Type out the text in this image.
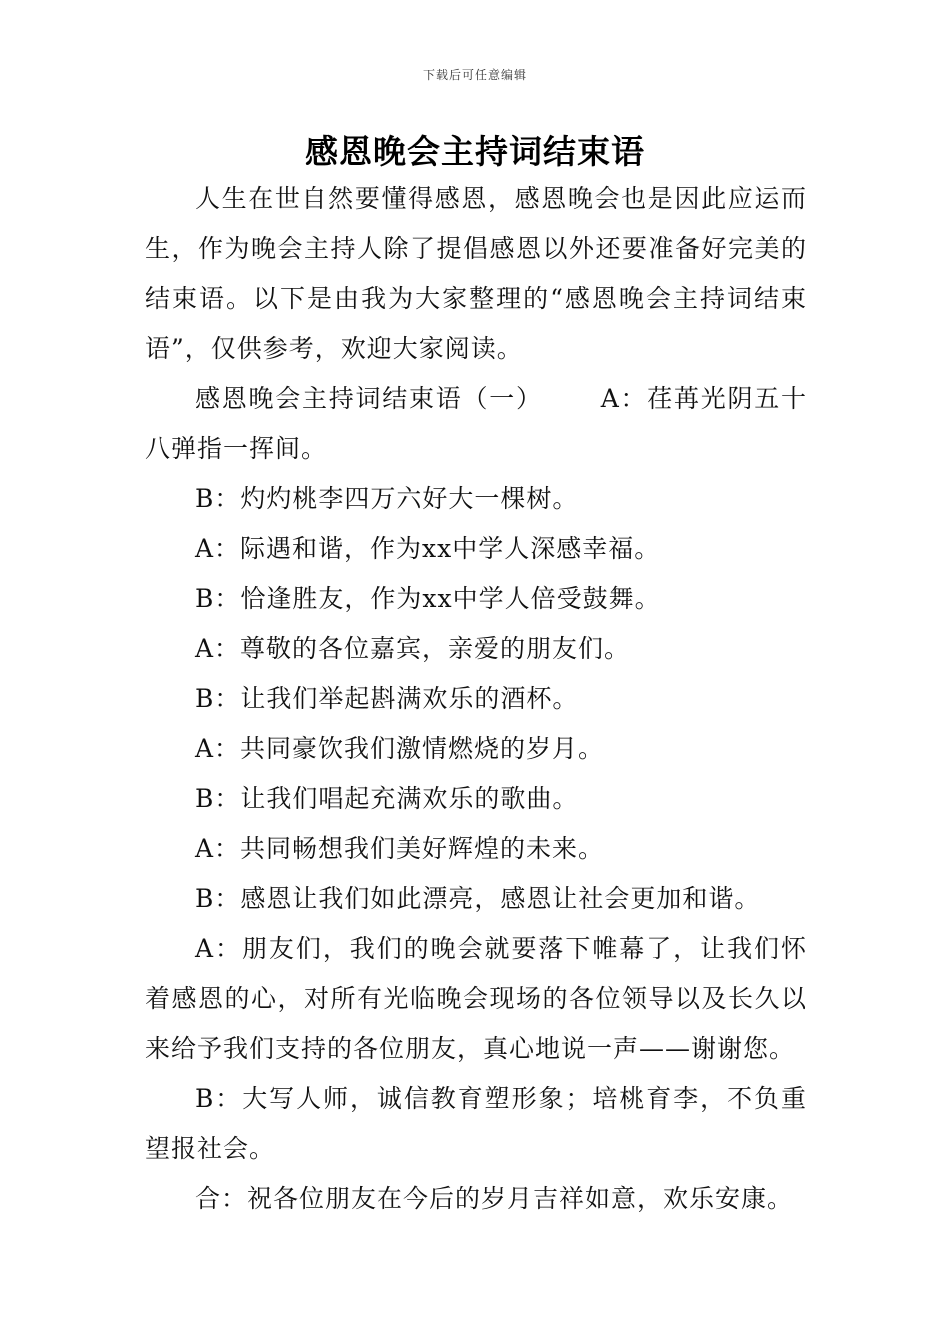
下载后可任意编辑
感恩晚会主持词结束语

人生在世自然要懂得感恩，感恩晚会也是因此应运而生，作为晚会主持人除了提倡感恩以外还要准备好完美的结束语。以下是由我为大家整理的“感恩晚会主持词结束语”，仅供参考，欢迎大家阅读。

感恩晚会主持词结束语（一） A：荏苒光阴五十八弹指一挥间。

B：灼灼桃李四万六好大一棵树。

A：际遇和谐，作为xx中学人深感幸福。

B：恰逢胜友，作为xx中学人倍受鼓舞。

A：尊敬的各位嘉宾，亲爱的朋友们。

B：让我们举起斟满欢乐的酒杯。

A：共同豪饮我们激情燃烧的岁月。

B：让我们唱起充满欢乐的歌曲。

A：共同畅想我们美好辉煌的未来。

B：感恩让我们如此漂亮，感恩让社会更加和谐。

A：朋友们，我们的晚会就要落下帷幕了，让我们怀着感恩的心，对所有光临晚会现场的各位领导以及长久以来给予我们支持的各位朋友，真心地说一声——谢谢您。

B：大写人师，诚信教育塑形象；培桃育李，不负重望报社会。

合：祝各位朋友在今后的岁月吉祥如意，欢乐安康。
